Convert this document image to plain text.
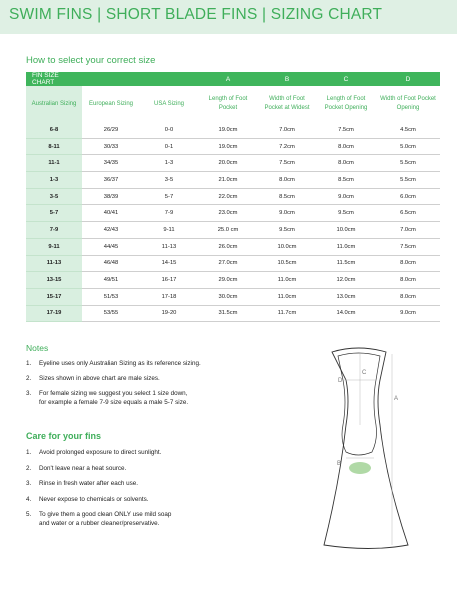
SWIM FINS | SHORT BLADE FINS | SIZING CHART
How to select your correct size
FIN SIZE CHART			A	B	C	D
Australian Sizing	European Sizing	USA Sizing	Length of Foot Pocket	Width of Foot Pocket at Widest	Length of Foot Pocket Opening	Width of Foot Pocket Opening
6-8	26/29	0-0	19.0cm	7.0cm	7.5cm	4.5cm
8-11	30/33	0-1	19.0cm	7.2cm	8.0cm	5.0cm
11-1	34/35	1-3	20.0cm	7.5cm	8.0cm	5.5cm
1-3	36/37	3-5	21.0cm	8.0cm	8.5cm	5.5cm
3-5	38/39	5-7	22.0cm	8.5cm	9.0cm	6.0cm
5-7	40/41	7-9	23.0cm	9.0cm	9.5cm	6.5cm
7-9	42/43	9-11	25.0 cm	9.5cm	10.0cm	7.0cm
9-11	44/45	11-13	26.0cm	10.0cm	11.0cm	7.5cm
11-13	46/48	14-15	27.0cm	10.5cm	11.5cm	8.0cm
13-15	49/51	16-17	29.0cm	11.0cm	12.0cm	8.0cm
15-17	51/53	17-18	30.0cm	11.0cm	13.0cm	8.0cm
17-19	53/55	19-20	31.5cm	11.7cm	14.0cm	9.0cm
Notes
1. Eyeline uses only Australian Sizing as its reference sizing.
2. Sizes shown in above chart are male sizes.
3. For female sizing we suggest you select 1 size down,
for example a female 7-9 size equals a male 5-7 size.
Care for your fins
1. Avoid prolonged exposure to direct sunlight.
2. Don't leave near a heat source.
3. Rinse in fresh water after each use.
4. Never expose to chemicals or solvents.
5. To give them a good clean ONLY use mild soap
and water or a rubber cleaner/preservative.
A
B
C
D
